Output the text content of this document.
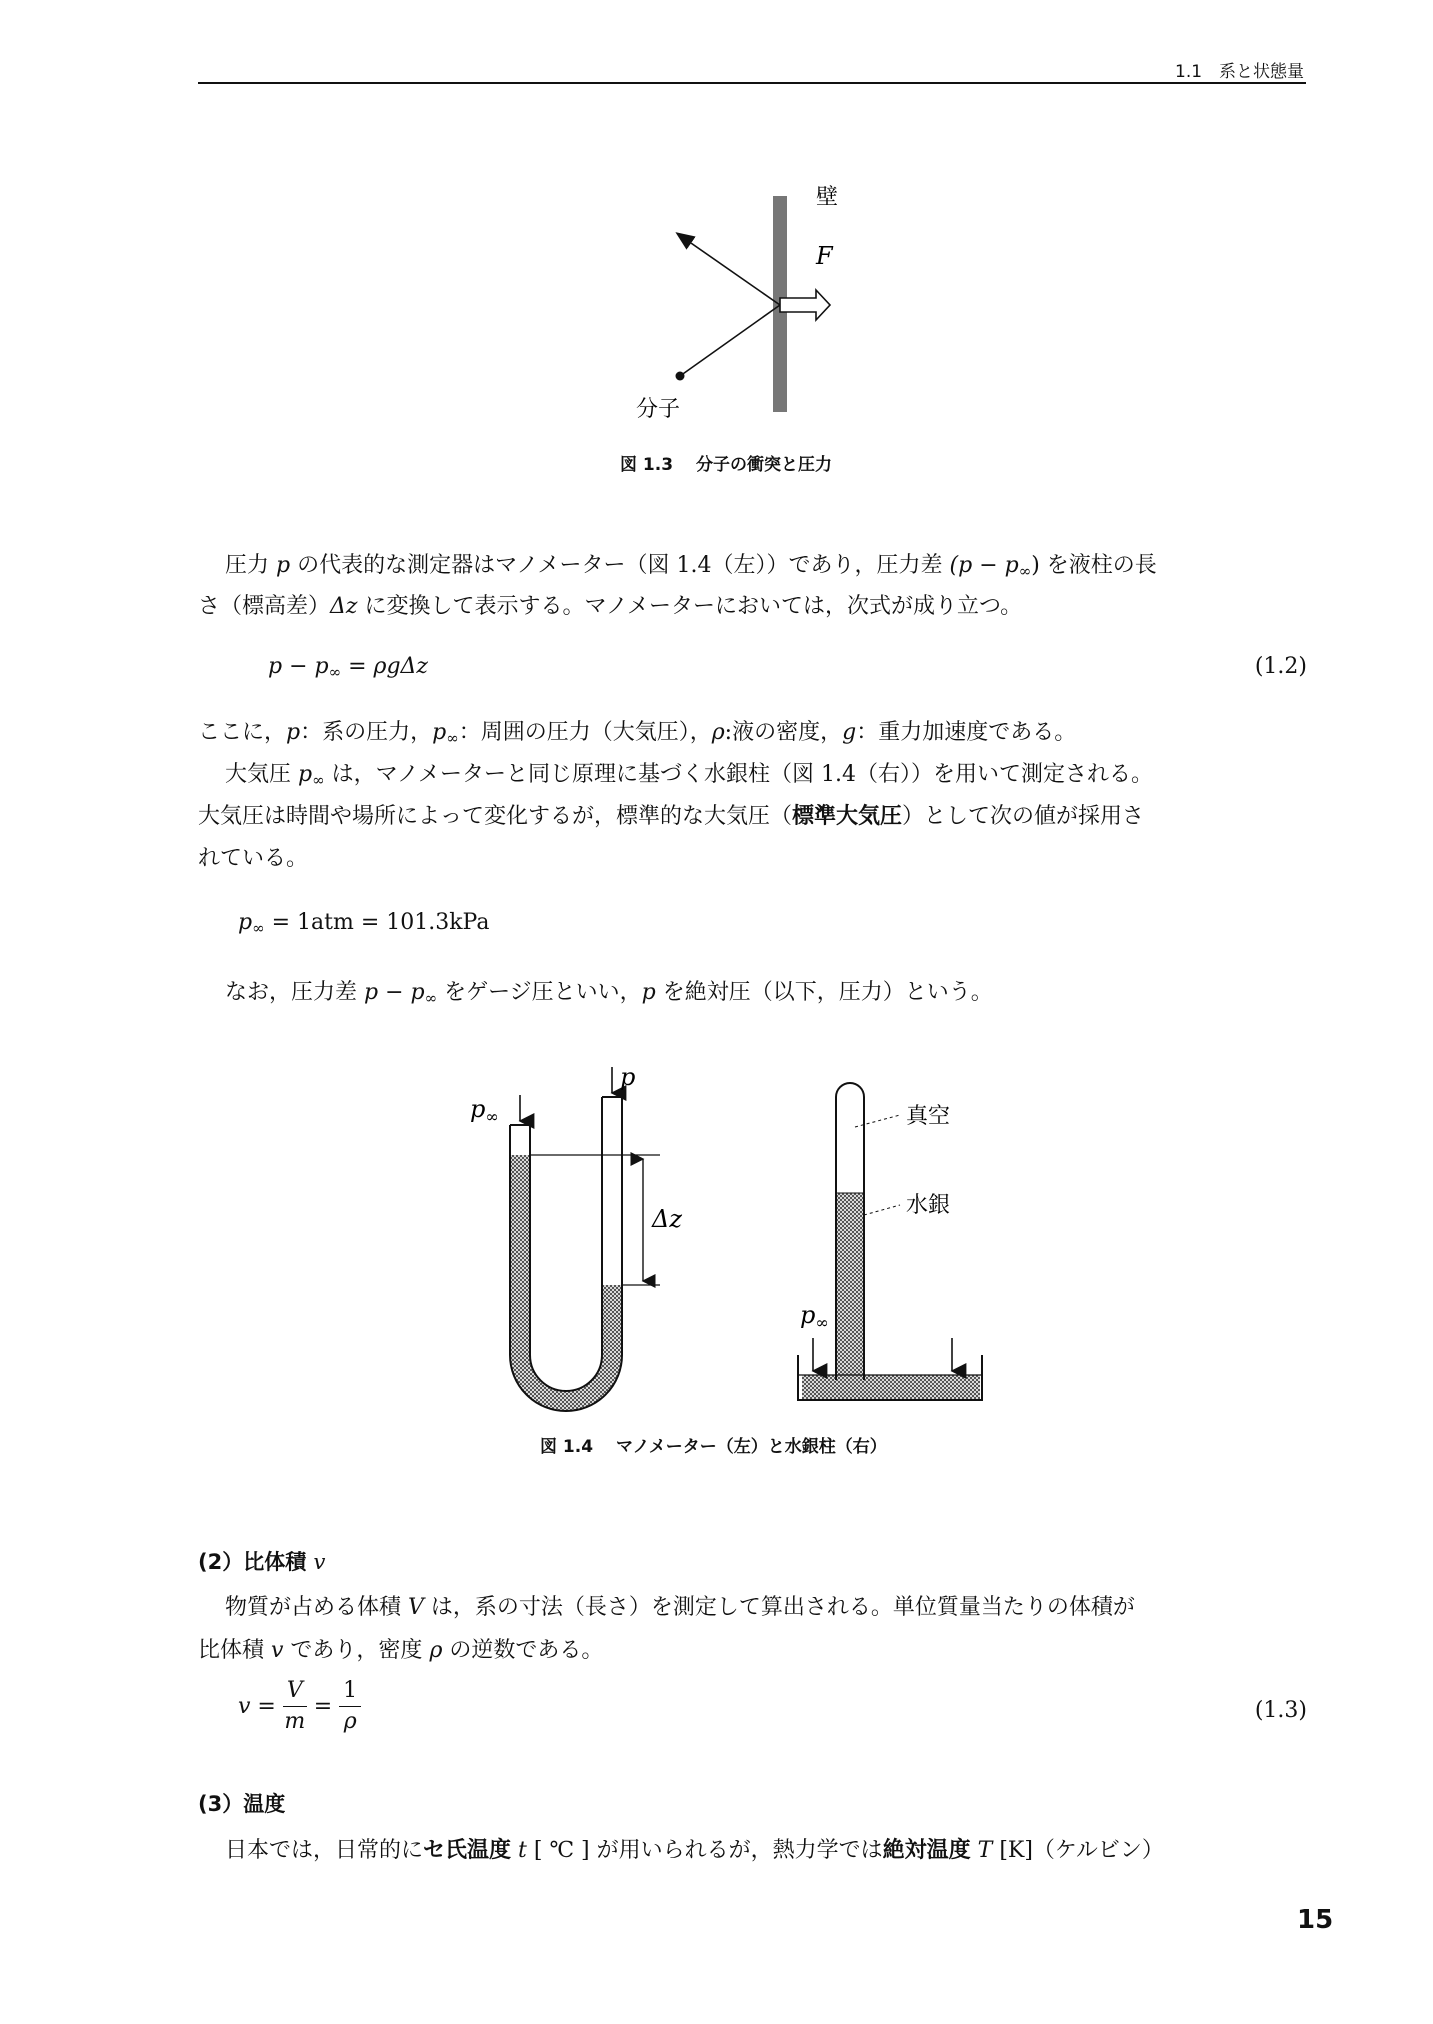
1.1　系と状態量
壁
F
分子
図 1.3　 分子の衝突と圧力
圧力 p の代表的な測定器はマノメーター（図 1.4（左））であり，圧力差 $(p - p_\infty)$ を液柱の長
さ（標高差）Δz に変換して表示する。マノメーターにおいては，次式が成り立つ。
$p - p_\infty = \rho g\Delta z$	(1.2)
ここに，p：系の圧力，$p_\infty$：周囲の圧力（大気圧），ρ:液の密度，g：重力加速度である。
大気圧 $p_\infty$ は，マノメーターと同じ原理に基づく水銀柱（図 1.4（右））を用いて測定される。
大気圧は時間や場所によって変化するが，標準的な大気圧（標準大気圧）として次の値が採用さ
れている。
$p_\infty = 1atm = 101.3kPa$
なお，圧力差 $p - p_\infty$ をゲージ圧といい，p を絶対圧（以下，圧力）という。
$p_\infty$
p
Δz
真空
水銀
$p_\infty$
図 1.4　 マノメーター（左）と水銀柱（右）
(2）比体積 v
物質が占める体積 V は，系の寸法（長さ）を測定して算出される。単位質量当たりの体積が
比体積 v であり，密度 ρ の逆数である。
$v = \frac{V}{m} = \frac{1}{\rho}$	(1.3)
(3）温度
日本では，日常的にセ氏温度 t [ ℃ ] が用いられるが，熱力学では絶対温度 T [K]（ケルビン）
15
